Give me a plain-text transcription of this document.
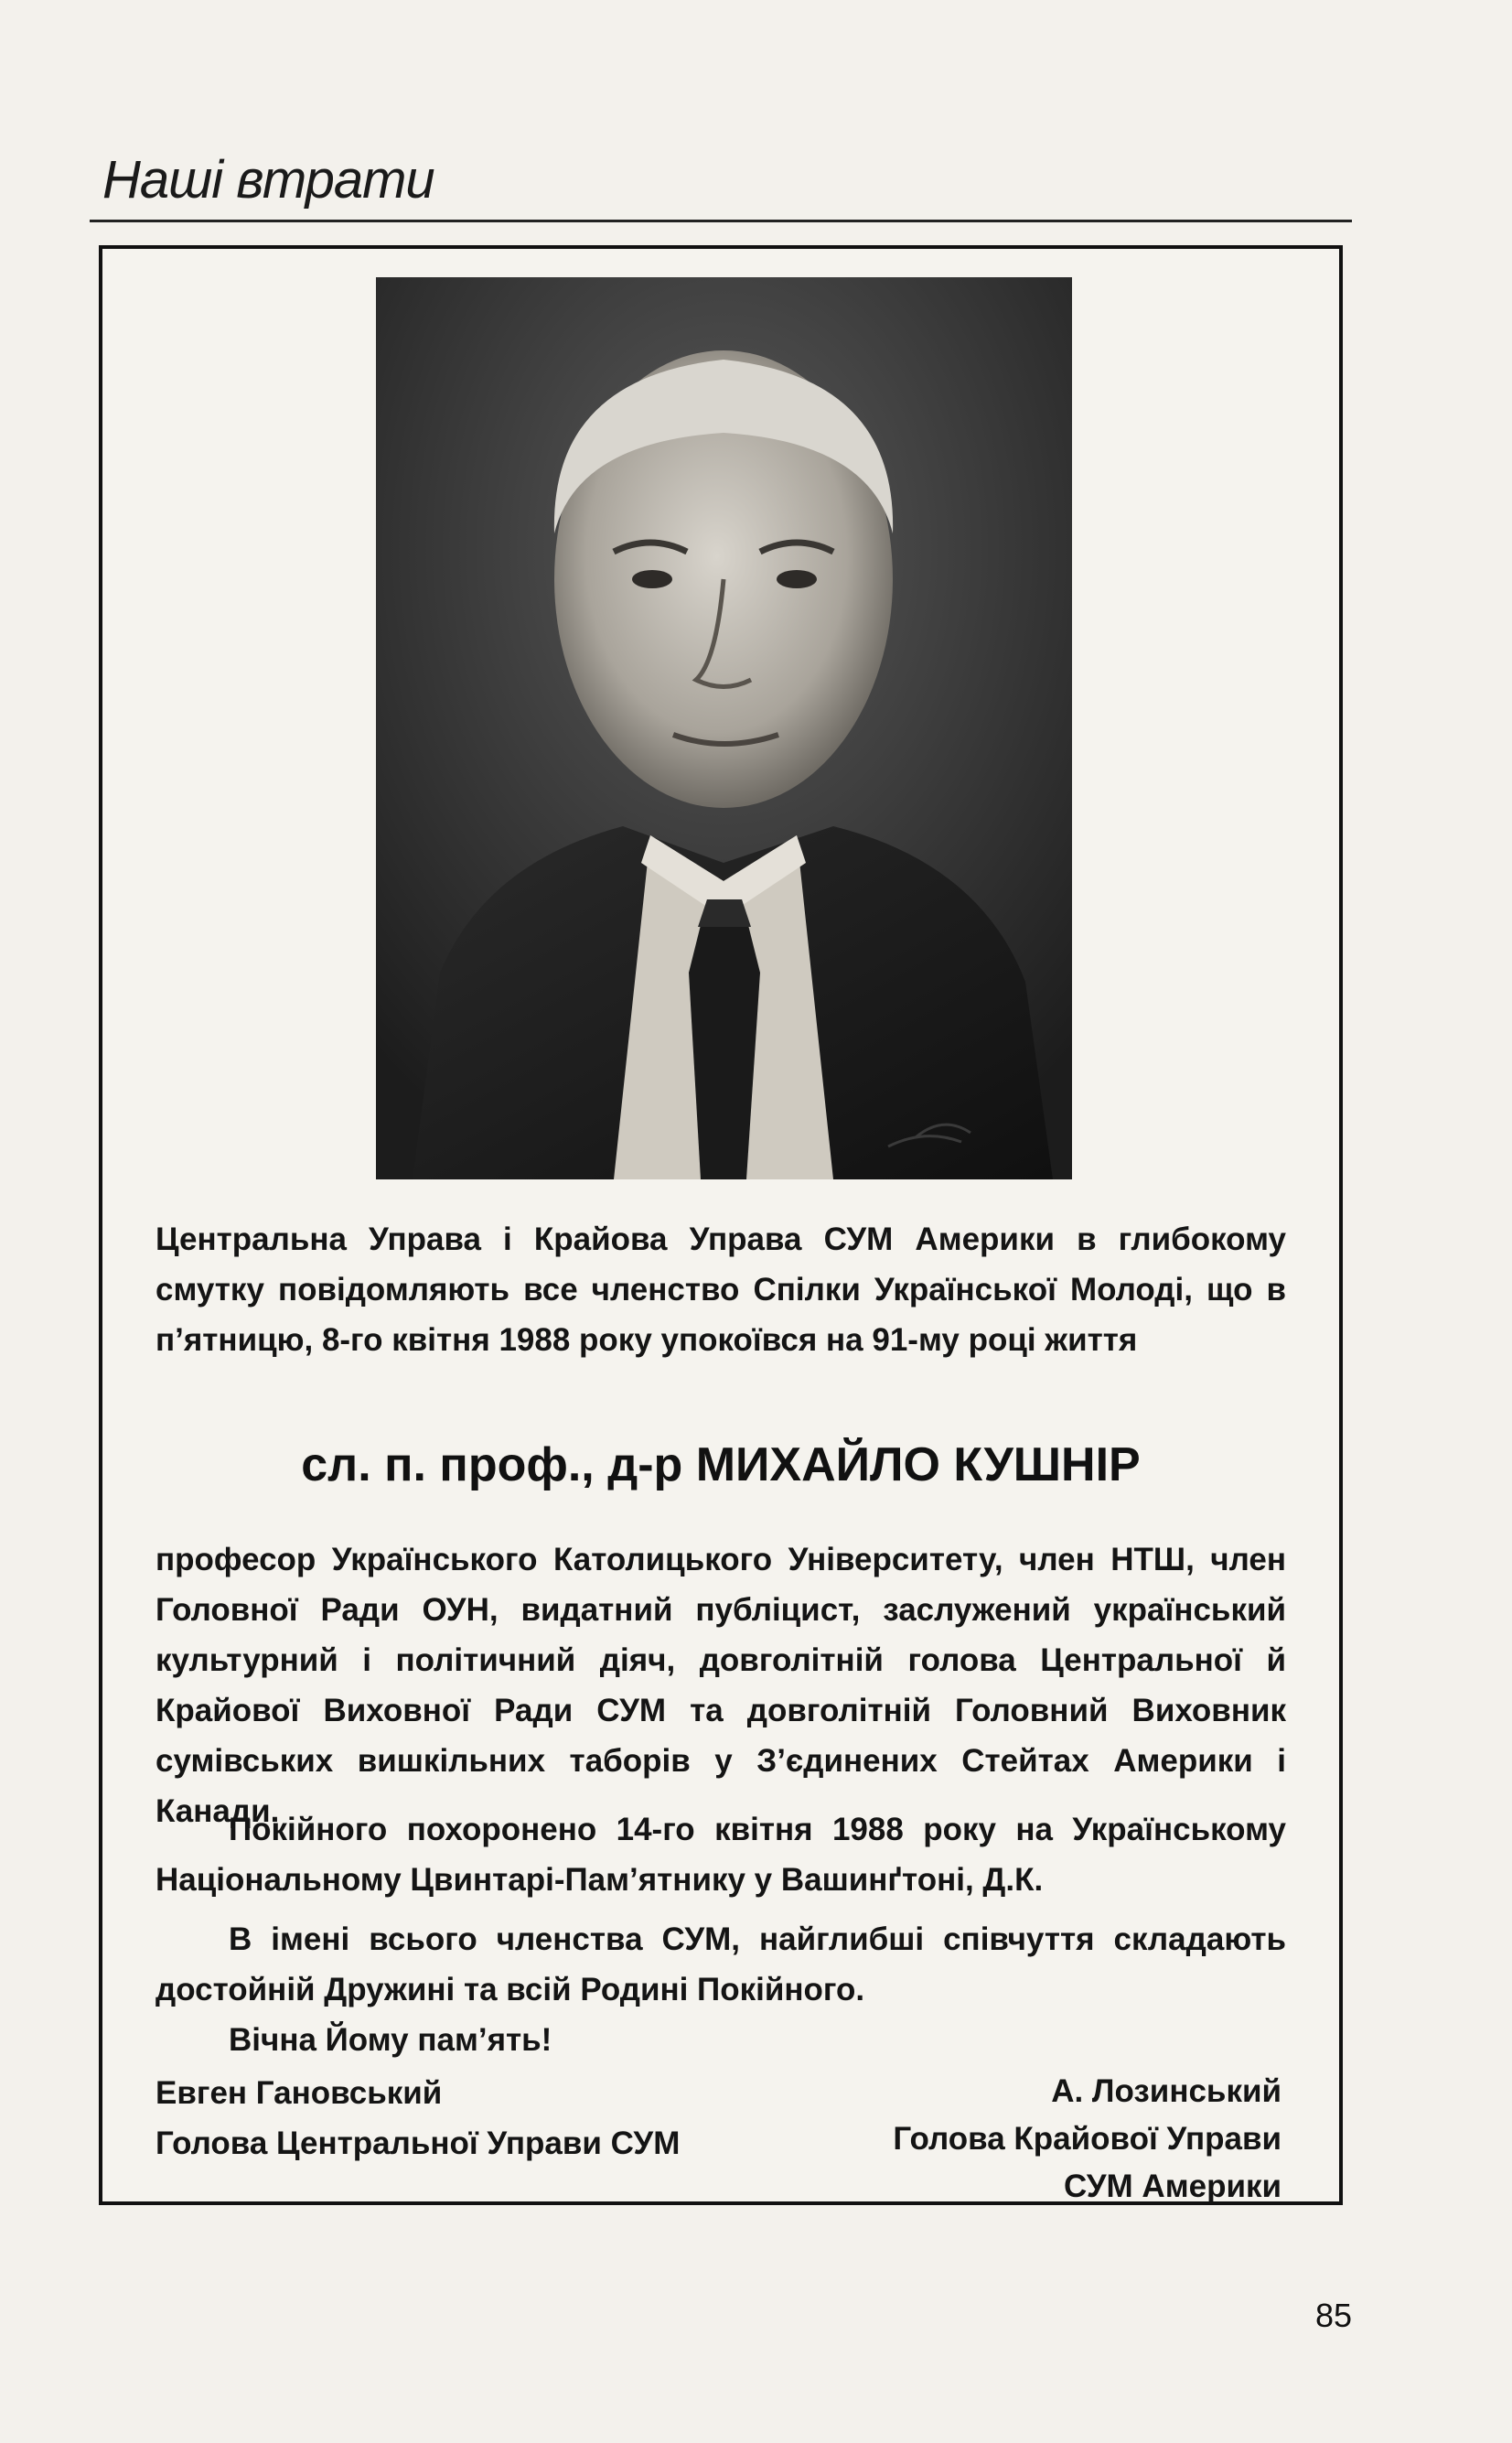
Наші втрати

Центральна Управа і Крайова Управа СУМ Америки в глибокому смутку повідомляють все членство Спілки Української Молоді, що в п’ятницю, 8-го квітня 1988 року упокоївся на 91-му році життя

сл. п. проф., д-р МИХАЙЛО КУШНІР

професор Українського Католицького Університету, член НТШ, член Головної Ради ОУН, видатний публіцист, заслужений український культурний і політичний діяч, довголітній голова Центральної й Крайової Виховної Ради СУМ та довголітній Головний Виховник сумівських вишкільних таборів у З’єдинених Стейтах Америки і Канади.

Покійного похоронено 14-го квітня 1988 року на Українському Національному Цвинтарі-Пам’ятнику у Вашинґтоні, Д.К.

В імені всього членства СУМ, найглибші співчуття складають достойній Дружині та всій Родині Покійного.

Вічна Йому пам’ять!

Евген Гановський
Голова Центральної Управи СУМ
А. Лозинський
Голова Крайової Управи
СУМ Америки
85
